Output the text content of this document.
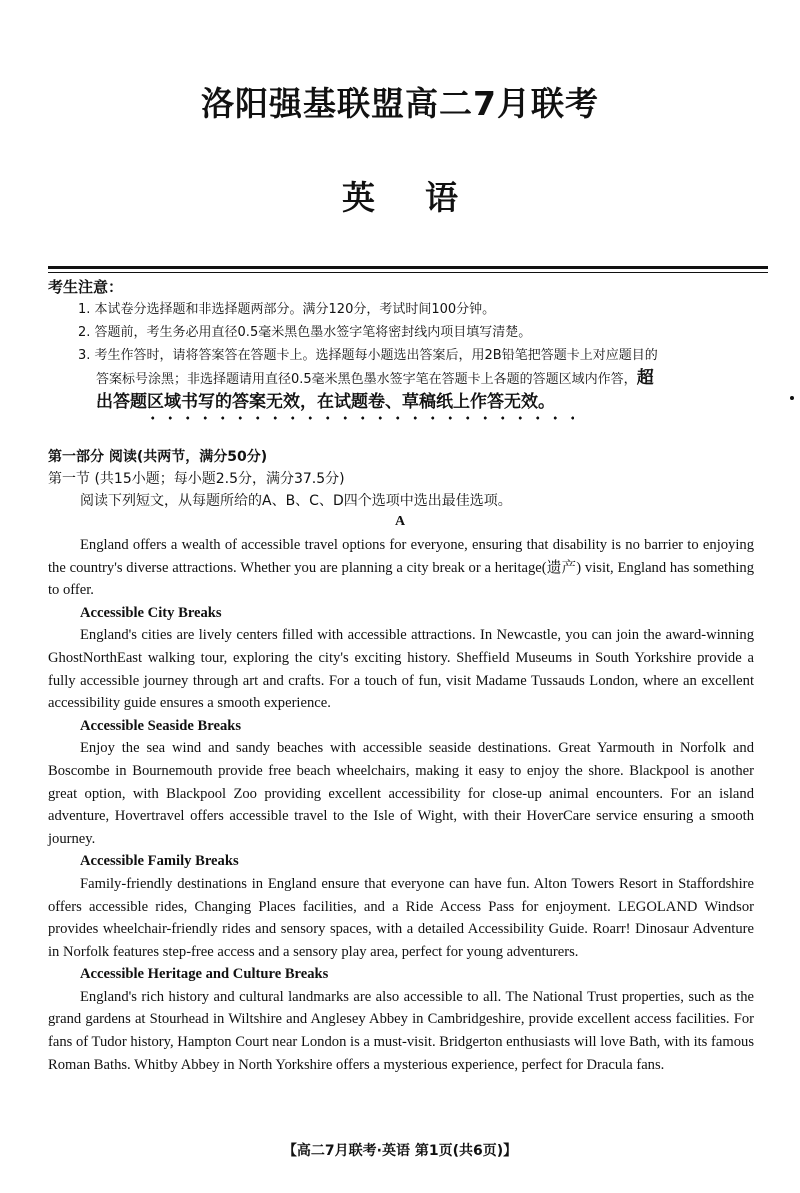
洛阳强基联盟高二7月联考
英语
考生注意：
1. 本试卷分选择题和非选择题两部分。满分120分，考试时间100分钟。
2. 答题前，考生务必用直径0.5毫米黑色墨水签字笔将密封线内项目填写清楚。
3. 考生作答时，请将答案答在答题卡上。选择题每小题选出答案后，用2B铅笔把答题卡上对应题目的
答案标号涂黑；非选择题请用直径0.5毫米黑色墨水签字笔在答题卡上各题的答题区域内作答，超
出答题区域书写的答案无效，在试题卷、草稿纸上作答无效。
第一部分 阅读(共两节，满分50分)
第一节 (共15小题；每小题2.5分，满分37.5分)
阅读下列短文，从每题所给的A、B、C、D四个选项中选出最佳选项。
A

England offers a wealth of accessible travel options for everyone, ensuring that disability is no barrier to enjoying the country's diverse attractions. Whether you are planning a city break or a heritage(遗产) visit, England has something to offer.

Accessible City Breaks

England's cities are lively centers filled with accessible attractions. In Newcastle, you can join the award-winning GhostNorthEast walking tour, exploring the city's exciting history. Sheffield Museums in South Yorkshire provide a fully accessible journey through art and crafts. For a touch of fun, visit Madame Tussauds London, where an excellent accessibility guide ensures a smooth experience.

Accessible Seaside Breaks

Enjoy the sea wind and sandy beaches with accessible seaside destinations. Great Yarmouth in Norfolk and Boscombe in Bournemouth provide free beach wheelchairs, making it easy to enjoy the shore. Blackpool is another great option, with Blackpool Zoo providing excellent accessibility for close-up animal encounters. For an island adventure, Hovertravel offers accessible travel to the Isle of Wight, with their HoverCare service ensuring a smooth journey.

Accessible Family Breaks

Family-friendly destinations in England ensure that everyone can have fun. Alton Towers Resort in Staffordshire offers accessible rides, Changing Places facilities, and a Ride Access Pass for enjoyment. LEGOLAND Windsor provides wheelchair-friendly rides and sensory spaces, with a detailed Accessibility Guide. Roarr! Dinosaur Adventure in Norfolk features step-free access and a sensory play area, perfect for young adventurers.

Accessible Heritage and Culture Breaks

England's rich history and cultural landmarks are also accessible to all. The National Trust properties, such as the grand gardens at Stourhead in Wiltshire and Anglesey Abbey in Cambridgeshire, provide excellent access facilities. For fans of Tudor history, Hampton Court near London is a must-visit. Bridgerton enthusiasts will love Bath, with its famous Roman Baths. Whitby Abbey in North Yorkshire offers a mysterious experience, perfect for Dracula fans.

【高二7月联考·英语 第1页(共6页)】
